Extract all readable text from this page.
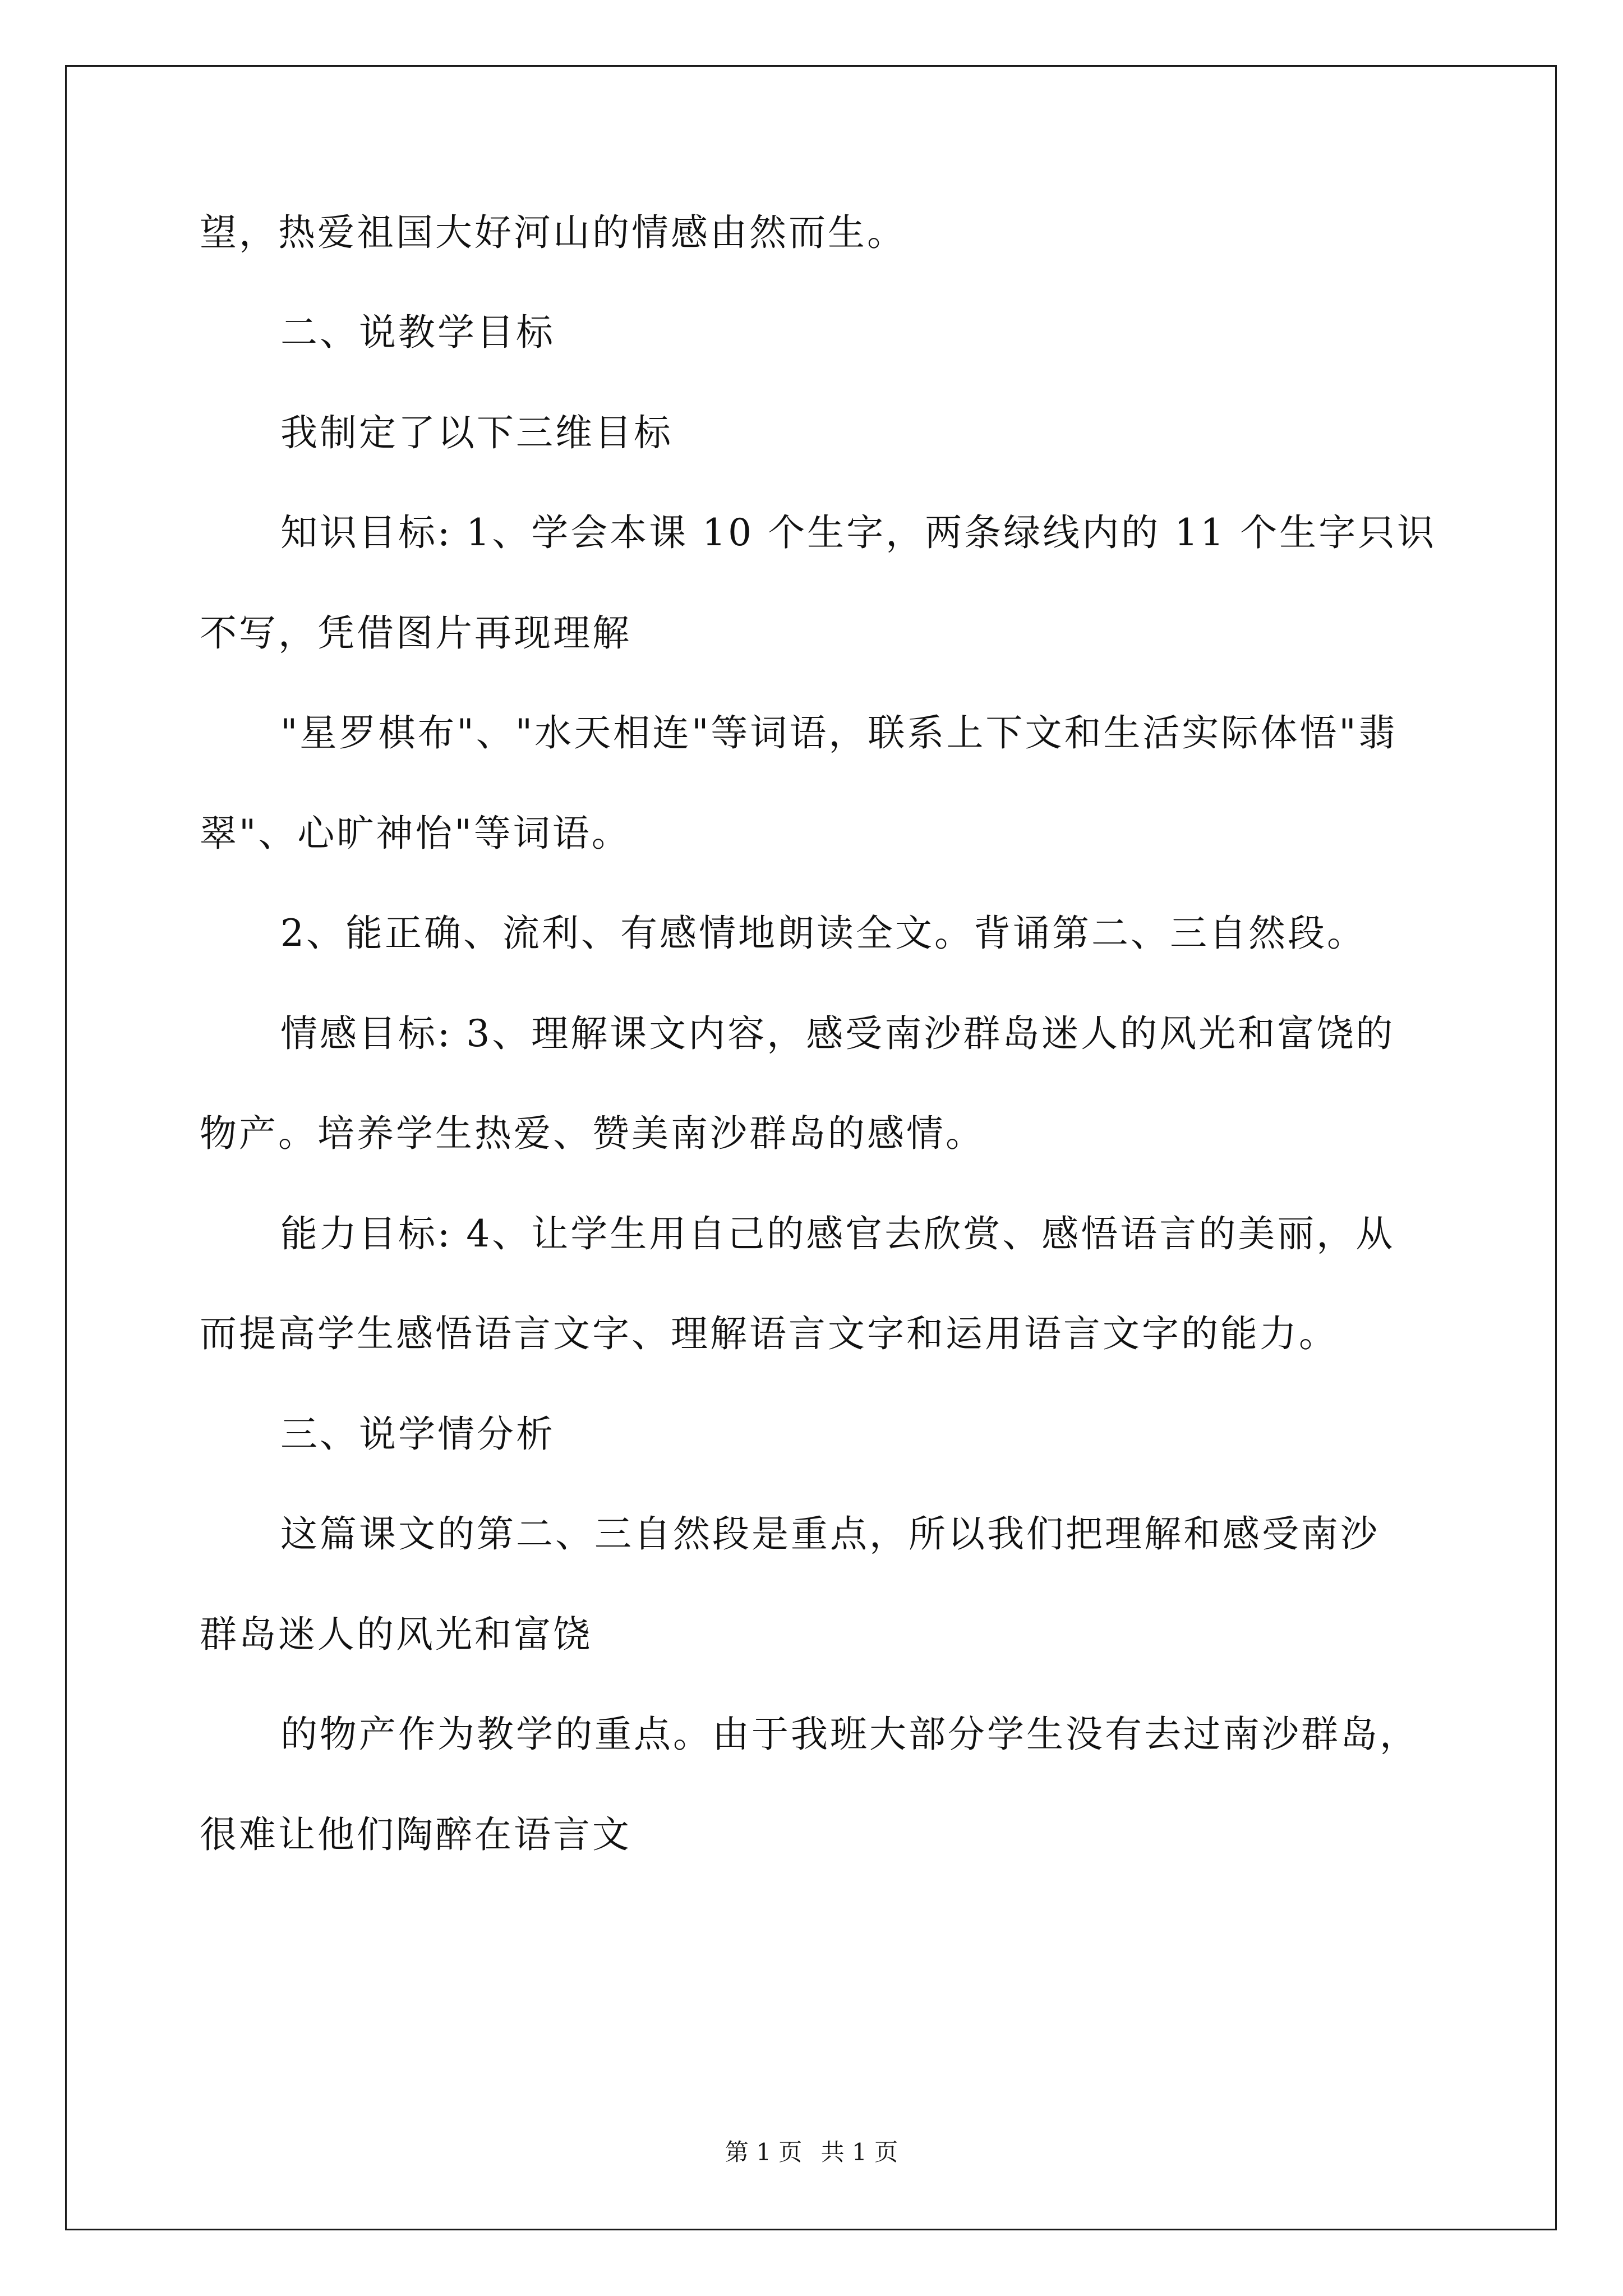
望，热爱祖国大好河山的情感由然而生。
二、说教学目标
我制定了以下三维目标
知识目标: 1、学会本课 10 个生字，两条绿线内的 11 个生字只识
不写，凭借图片再现理解
"星罗棋布"、"水天相连"等词语，联系上下文和生活实际体悟"翡
翠"、心旷神怡"等词语。
2、能正确、流利、有感情地朗读全文。背诵第二、三自然段。
情感目标: 3、理解课文内容，感受南沙群岛迷人的风光和富饶的
物产。培养学生热爱、赞美南沙群岛的感情。
能力目标: 4、让学生用自己的感官去欣赏、感悟语言的美丽，从
而提高学生感悟语言文字、理解语言文字和运用语言文字的能力。
三、说学情分析
这篇课文的第二、三自然段是重点，所以我们把理解和感受南沙
群岛迷人的风光和富饶
的物产作为教学的重点。由于我班大部分学生没有去过南沙群岛，
很难让他们陶醉在语言文
第 1 页 共 1 页
